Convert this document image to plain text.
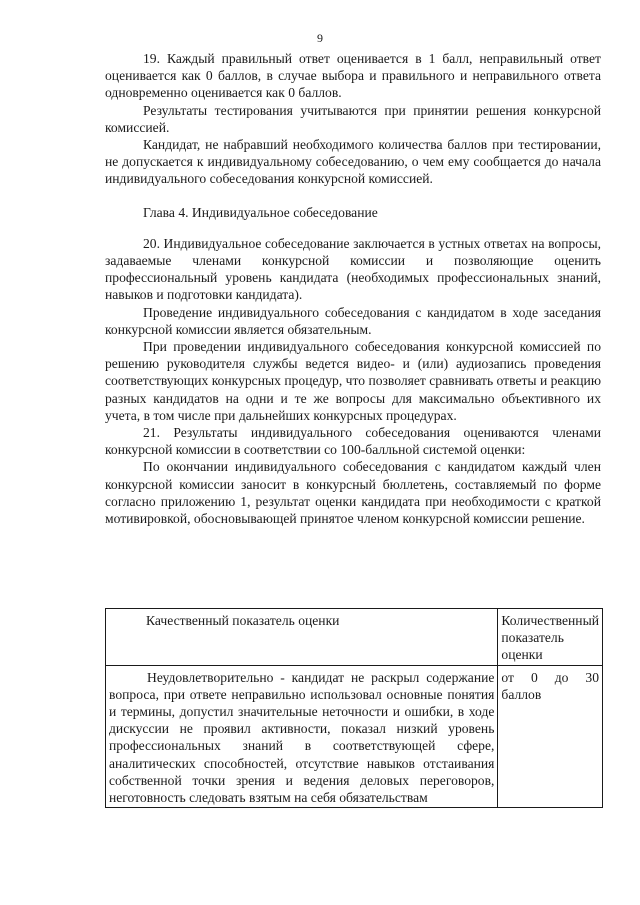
9

19. Каждый правильный ответ оценивается в 1 балл, неправильный ответ оценивается как 0 баллов, в случае выбора и правильного и неправильного ответа одновременно оценивается как 0 баллов.

Результаты тестирования учитываются при принятии решения конкурсной комиссией.

Кандидат, не набравший необходимого количества баллов при тестировании, не допускается к индивидуальному собеседованию, о чем ему сообщается до начала индивидуального собеседования конкурсной комиссией.

Глава 4. Индивидуальное собеседование

20. Индивидуальное собеседование заключается в устных ответах на вопросы, задаваемые членами конкурсной комиссии и позволяющие оценить профессиональный уровень кандидата (необходимых профессиональных знаний, навыков и подготовки кандидата).

Проведение индивидуального собеседования с кандидатом в ходе заседания конкурсной комиссии является обязательным.

При проведении индивидуального собеседования конкурсной комиссией по решению руководителя службы ведется видео- и (или) аудиозапись проведения соответствующих конкурсных процедур, что позволяет сравнивать ответы и реакцию разных кандидатов на одни и те же вопросы для максимально объективного их учета, в том числе при дальнейших конкурсных процедурах.

21. Результаты индивидуального собеседования оцениваются членами конкурсной комиссии в соответствии со 100-балльной системой оценки:

По окончании индивидуального собеседования с кандидатом каждый член конкурсной комиссии заносит в конкурсный бюллетень, составляемый по форме согласно приложению 1, результат оценки кандидата при необходимости с краткой мотивировкой, обосновывающей принятое членом конкурсной комиссии решение.

Качественный показатель оценки	Количественный показатель оценки
Неудовлетворительно - кандидат не раскрыл содержание вопроса, при ответе неправильно использовал основные понятия и термины, допустил значительные неточности и ошибки, в ходе дискуссии не проявил активности, показал низкий уровень профессиональных знаний в соответствующей сфере, аналитических способностей, отсутствие навыков отстаивания собственной точки зрения и ведения деловых переговоров, неготовность следовать взятым на себя обязательствам	от 0 до 30 баллов
